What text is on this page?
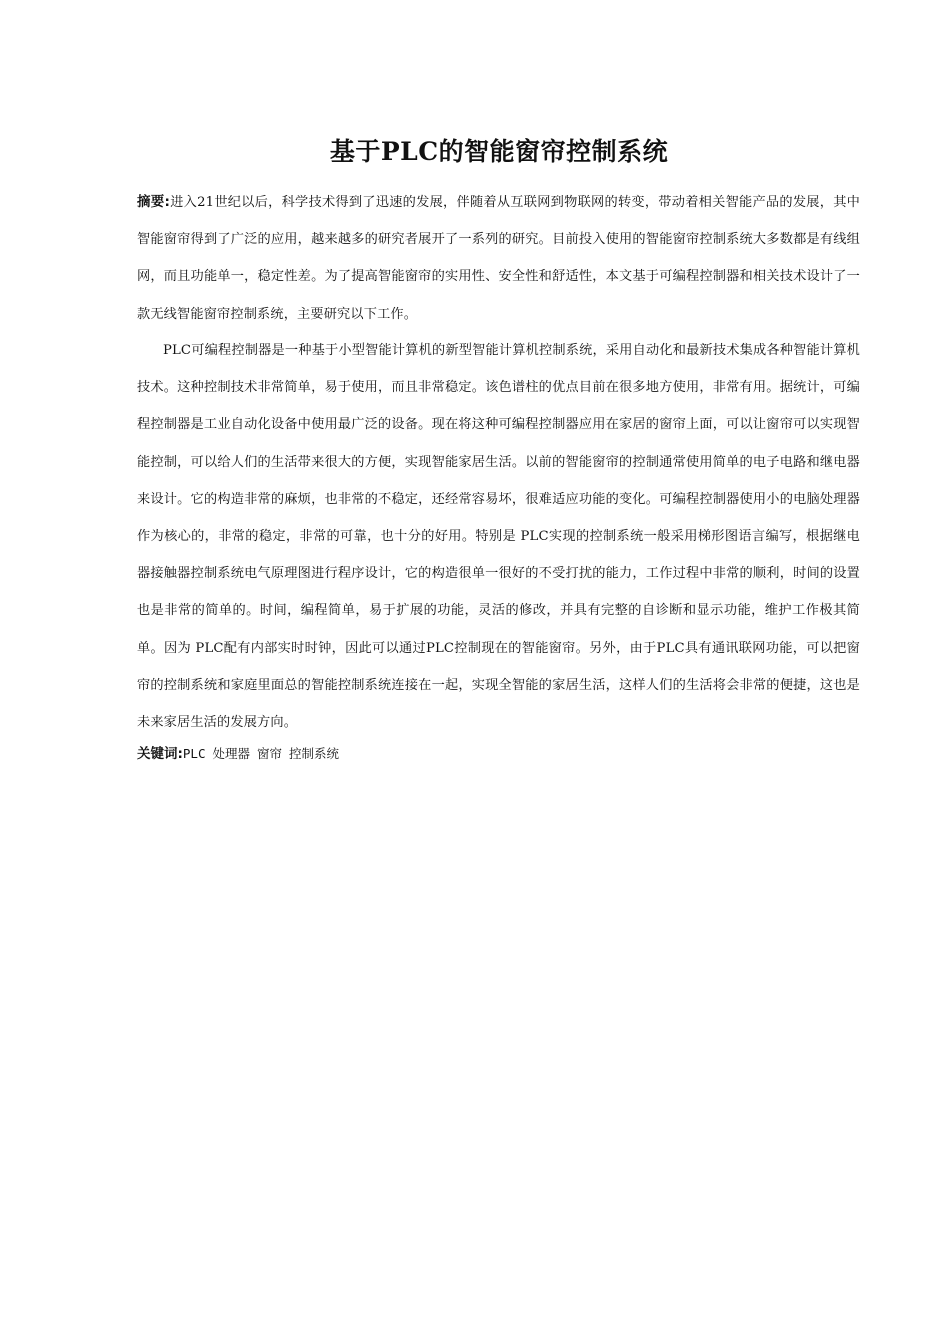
基于PLC的智能窗帘控制系统
摘要:进入21世纪以后，科学技术得到了迅速的发展，伴随着从互联网到物联网的转变，带动着相关智能产品的发展，其中智能窗帘得到了广泛的应用，越来越多的研究者展开了一系列的研究。目前投入使用的智能窗帘控制系统大多数都是有线组网，而且功能单一，稳定性差。为了提高智能窗帘的实用性、安全性和舒适性，本文基于可编程控制器和相关技术设计了一款无线智能窗帘控制系统，主要研究以下工作。
PLC可编程控制器是一种基于小型智能计算机的新型智能计算机控制系统，采用自动化和最新技术集成各种智能计算机技术。这种控制技术非常简单，易于使用，而且非常稳定。该色谱柱的优点目前在很多地方使用，非常有用。据统计，可编程控制器是工业自动化设备中使用最广泛的设备。现在将这种可编程控制器应用在家居的窗帘上面，可以让窗帘可以实现智能控制，可以给人们的生活带来很大的方便，实现智能家居生活。以前的智能窗帘的控制通常使用简单的电子电路和继电器来设计。它的构造非常的麻烦，也非常的不稳定，还经常容易坏，很难适应功能的变化。可编程控制器使用小的电脑处理器作为核心的，非常的稳定，非常的可靠，也十分的好用。特别是 PLC实现的控制系统一般采用梯形图语言编写，根据继电器接触器控制系统电气原理图进行程序设计，它的构造很单一很好的不受打扰的能力，工作过程中非常的顺利，时间的设置也是非常的简单的。时间，编程简单，易于扩展的功能，灵活的修改，并具有完整的自诊断和显示功能，维护工作极其简单。因为 PLC配有内部实时时钟，因此可以通过PLC控制现在的智能窗帘。另外，由于PLC具有通讯联网功能，可以把窗帘的控制系统和家庭里面总的智能控制系统连接在一起，实现全智能的家居生活，这样人们的生活将会非常的便捷，这也是未来家居生活的发展方向。
关键词:PLC 处理器 窗帘 控制系统
